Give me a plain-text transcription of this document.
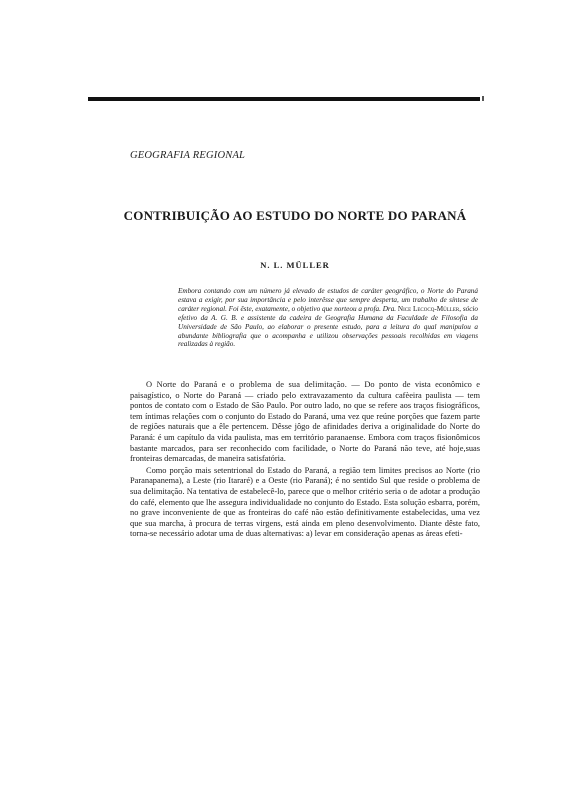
GEOGRAFIA REGIONAL
CONTRIBUIÇÃO AO ESTUDO DO NORTE DO PARANÁ
N. L. MÜLLER
Embora contando com um número já elevado de estudos de caráter geográfico, o Norte do Paraná estava a exigir, por sua importância e pelo interêsse que sempre desperta, um trabalho de síntese de caráter regional. Foi êste, exatamente, o objetivo que norteou a profa. Dra. Nice Lecocq-Müller, sócio efetivo da A. G. B. e assistente da cadeira de Geografia Humana da Faculdade de Filosofia da Universidade de São Paulo, ao elaborar o presente estudo, para a leitura do qual manipulou a abundante bibliografia que o acompanha e utilizou observações pessoais recolhidas em viagens realizadas à região.

O Norte do Paraná e o problema de sua delimitação. — Do ponto de vista econômico e paisagístico, o Norte do Paraná — criado pelo extravazamento da cultura cafèeira paulista — tem pontos de contato com o Estado de São Paulo. Por outro lado, no que se refere aos traços fisiográficos, tem íntimas relações com o conjunto do Estado do Paraná, uma vez que reúne porções que fazem parte de regiões naturais que a êle pertencem. Dêsse jôgo de afinidades deriva a originalidade do Norte do Paraná: é um capítulo da vida paulista, mas em território paranaense. Embora com traços fisionômicos bastante marcados, para ser reconhecido com facilidade, o Norte do Paraná não teve, até hoje,suas fronteiras demarcadas, de maneira satisfatória.

Como porção mais setentrional do Estado do Paraná, a região tem limites precisos ao Norte (rio Paranapanema), a Leste (rio Itararé) e a Oeste (rio Paraná); é no sentido Sul que reside o problema de sua delimitação. Na tentativa de estabelecê-lo, parece que o melhor critério seria o de adotar a produção do café, elemento que lhe assegura individualidade no conjunto do Estado. Esta solução esbarra, porém, no grave inconveniente de que as fronteiras do café não estão definitivamente estabelecidas, uma vez que sua marcha, à procura de terras virgens, está ainda em pleno desenvolvimento. Diante dêste fato, torna-se necessário adotar uma de duas alternativas: a) levar em consideração apenas as áreas efeti-
